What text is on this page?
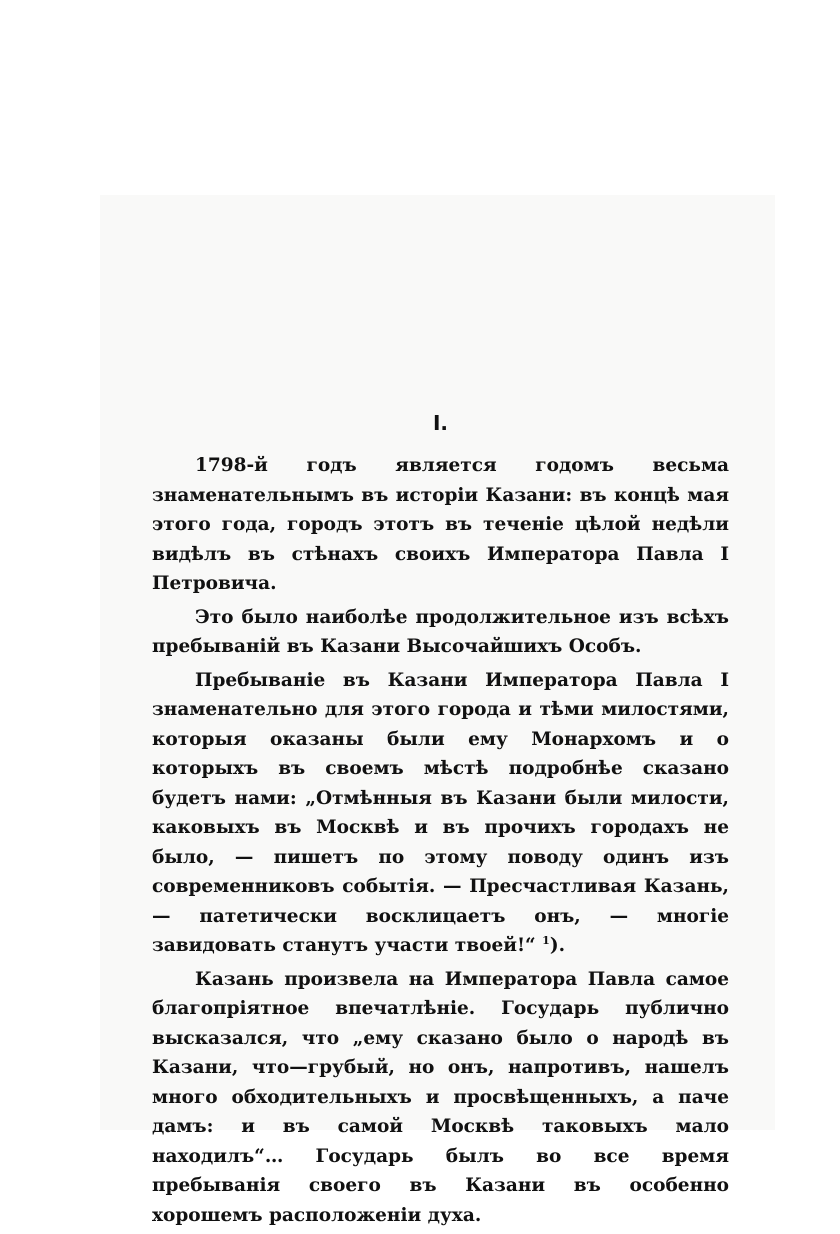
I.

1798-й годъ является годомъ весьма знаменательнымъ въ исторіи Казани: въ концѣ мая этого года, городъ этотъ въ теченіе цѣлой недѣли видѣлъ въ стѣнахъ своихъ Императора Павла I Петровича.

Это было наиболѣе продолжительное изъ всѣхъ пребываній въ Казани Высочайшихъ Особъ.

Пребываніе въ Казани Императора Павла I знаменательно для этого города и тѣми милостями, которыя оказаны были ему Монархомъ и о которыхъ въ своемъ мѣстѣ подробнѣе сказано будетъ нами: „Отмѣнныя въ Казани были милости, каковыхъ въ Москвѣ и въ прочихъ городахъ не было, — пишетъ по этому поводу одинъ изъ современниковъ событія. — Пресчастливая Казань, — патетически восклицаетъ онъ, — многіе завидовать станутъ участи твоей!“ $^1$).

Казань произвела на Императора Павла самое благопріятное впечатлѣніе. Государь публично высказался, что „ему сказано было о народѣ въ Казани, что—грубый, но онъ, напротивъ, нашелъ много обходительныхъ и просвѣщенныхъ, а паче дамъ: и въ самой Москвѣ таковыхъ мало находилъ“… Государь былъ во все время пребыванія своего въ Казани въ особенно хорошемъ расположеніи духа.
